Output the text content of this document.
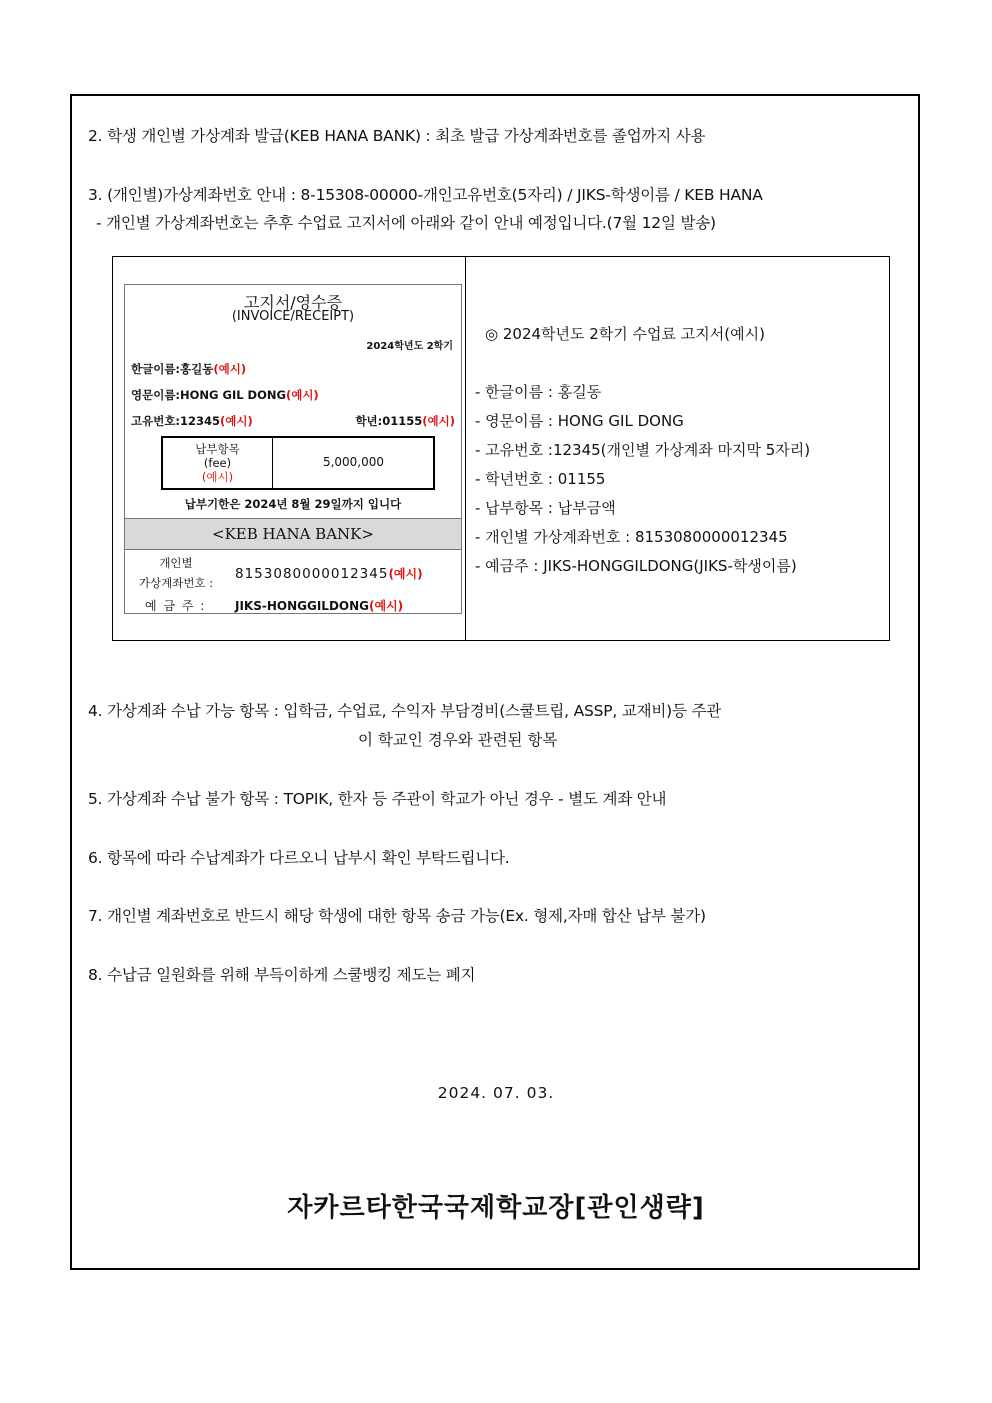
2. 학생 개인별 가상계좌 발급(KEB HANA BANK) : 최초 발급 가상계좌번호를 졸업까지 사용
3. (개인별)가상계좌번호 안내 : 8-15308-00000-개인고유번호(5자리) / JIKS-학생이름 / KEB HANA
- 개인별 가상계좌번호는 추후 수업료 고지서에 아래와 같이 안내 예정입니다.(7월 12일 발송)
고지서/영수증
(INVOICE/RECEIPT)
2024학년도 2학기
한글이름:홍길동(예시)
영문이름:HONG GIL DONG(예시)
고유번호:12345(예시)	학년:01155(예시)
납부항목
(fee)
(예시)
5,000,000
납부기한은 2024년 8월 29일까지 입니다
<KEB HANA BANK>
개인별
가상계좌번호 :
8153080000012345(예시)
예 금 주 :	JIKS-HONGGILDONG(예시)
◎ 2024학년도 2학기 수업료 고지서(예시)
- 한글이름 : 홍길동
- 영문이름 : HONG GIL DONG
- 고유번호 :12345(개인별 가상계좌 마지막 5자리)
- 학년번호 : 01155
- 납부항목 : 납부금액
- 개인별 가상계좌번호 : 8153080000012345
- 예금주 : JIKS-HONGGILDONG(JIKS-학생이름)
4. 가상계좌 수납 가능 항목 : 입학금, 수업료, 수익자 부담경비(스쿨트립, ASSP, 교재비)등 주관
이 학교인 경우와 관련된 항목
5. 가상계좌 수납 불가 항목 : TOPIK, 한자 등 주관이 학교가 아닌 경우 - 별도 계좌 안내
6. 항목에 따라 수납계좌가 다르오니 납부시 확인 부탁드립니다.
7. 개인별 계좌번호로 반드시 해당 학생에 대한 항목 송금 가능(Ex. 형제,자매 합산 납부 불가)
8. 수납금 일원화를 위해 부득이하게 스쿨뱅킹 제도는 폐지
2024. 07. 03.
자카르타한국국제학교장[관인생략]
